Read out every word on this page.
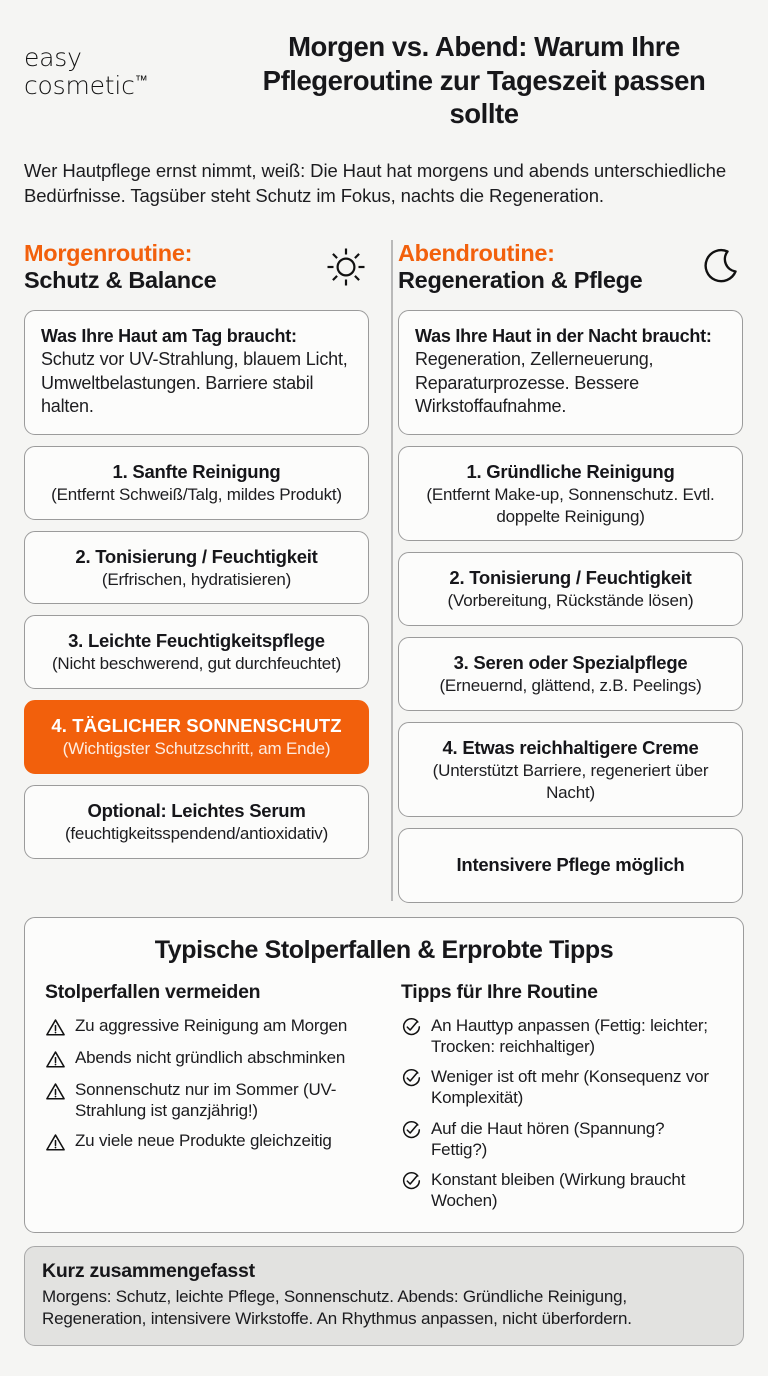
easy
cosmetic™
Morgen vs. Abend: Warum Ihre Pflegeroutine zur Tageszeit passen sollte

Wer Hautpflege ernst nimmt, weiß: Die Haut hat morgens und abends unterschiedliche Bedürfnisse. Tagsüber steht Schutz im Fokus, nachts die Regeneration.

Morgenroutine:
Schutz & Balance
Was Ihre Haut am Tag braucht:
Schutz vor UV-Strahlung, blauem Licht, Umweltbelastungen. Barriere stabil halten.
1. Sanfte Reinigung
(Entfernt Schweiß/Talg, mildes Produkt)
2. Tonisierung / Feuchtigkeit
(Erfrischen, hydratisieren)
3. Leichte Feuchtigkeitspflege
(Nicht beschwerend, gut durchfeuchtet)
4. TÄGLICHER SONNENSCHUTZ
(Wichtigster Schutzschritt, am Ende)
Optional: Leichtes Serum
(feuchtigkeitsspendend/antioxidativ)
Abendroutine:
Regeneration & Pflege
Was Ihre Haut in der Nacht braucht:
Regeneration, Zellerneuerung, Reparaturprozesse. Bessere Wirkstoffaufnahme.
1. Gründliche Reinigung
(Entfernt Make-up, Sonnenschutz. Evtl. doppelte Reinigung)
2. Tonisierung / Feuchtigkeit
(Vorbereitung, Rückstände lösen)
3. Seren oder Spezialpflege
(Erneuernd, glättend, z.B. Peelings)
4. Etwas reichhaltigere Creme
(Unterstützt Barriere, regeneriert über Nacht)
Intensivere Pflege möglich
Typische Stolperfallen & Erprobte Tipps
Stolperfallen vermeiden
Zu aggressive Reinigung am Morgen
Abends nicht gründlich abschminken
Sonnenschutz nur im Sommer (UV-Strahlung ist ganzjährig!)
Zu viele neue Produkte gleichzeitig
Tipps für Ihre Routine
An Hauttyp anpassen (Fettig: leichter; Trocken: reichhaltiger)
Weniger ist oft mehr (Konsequenz vor Komplexität)
Auf die Haut hören (Spannung? Fettig?)
Konstant bleiben (Wirkung braucht Wochen)
Kurz zusammengefasst
Morgens: Schutz, leichte Pflege, Sonnenschutz. Abends: Gründliche Reinigung, Regeneration, intensivere Wirkstoffe. An Rhythmus anpassen, nicht überfordern.
